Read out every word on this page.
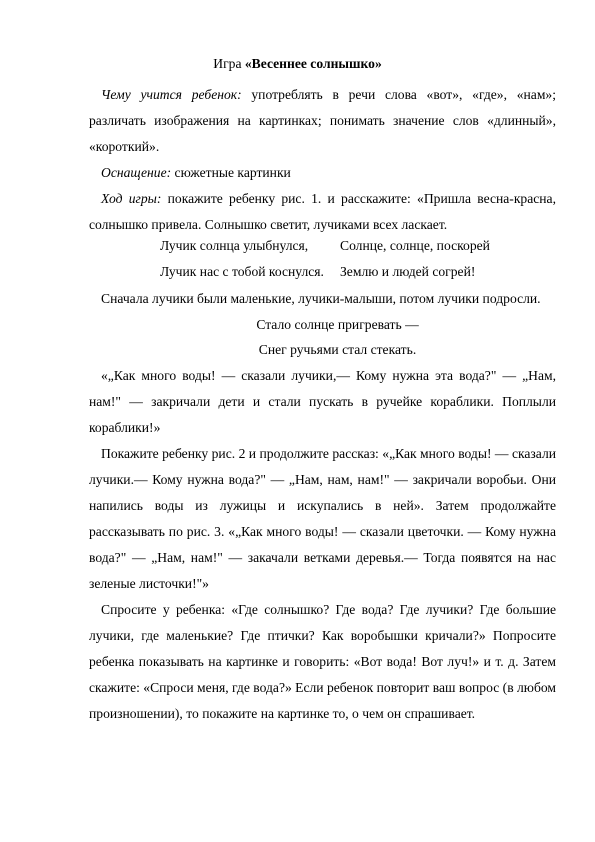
Игра «Весеннее солнышко»

Чему учится ребенок: употреблять в речи слова «вот», «где», «нам»; различать изображения на картинках; понимать значение слов «длинный», «короткий».

Оснащение: сюжетные картинки

Ход игры: покажите ребенку рис. 1. и расскажите: «Пришла весна-красна, солнышко привела. Солнышко светит, лучиками всех ласкает.

Лучик солнца улыбнулся, Солнце, солнце, поскорей
Лучик нас с тобой коснулся. Землю и людей согрей!

Сначала лучики были маленькие, лучики-малыши, потом лучики подросли.

Стало солнце пригревать —
Снег ручьями стал стекать.

«„Как много воды! — сказали лучики,— Кому нужна эта вода?" — „Нам, нам!" — закричали дети и стали пускать в ручейке кораблики. Поплыли кораблики!»

Покажите ребенку рис. 2 и продолжите рассказ: «„Как много воды! — сказали лучики.— Кому нужна вода?" — „Нам, нам, нам!" — закричали воробьи. Они напились воды из лужицы и искупались в ней». Затем продолжайте рассказывать по рис. 3. «„Как много воды! — сказали цветочки. — Кому нужна вода?" — „Нам, нам!" — закачали ветками деревья.— Тогда появятся на нас зеленые листочки!"»

Спросите у ребенка: «Где солнышко? Где вода? Где лучики? Где большие лучики, где маленькие? Где птички? Как воробышки кричали?» Попросите ребенка показывать на картинке и говорить: «Вот вода! Вот луч!» и т. д. Затем скажите: «Спроси меня, где вода?» Если ребенок повторит ваш вопрос (в любом произношении), то покажите на картинке то, о чем он спрашивает.
